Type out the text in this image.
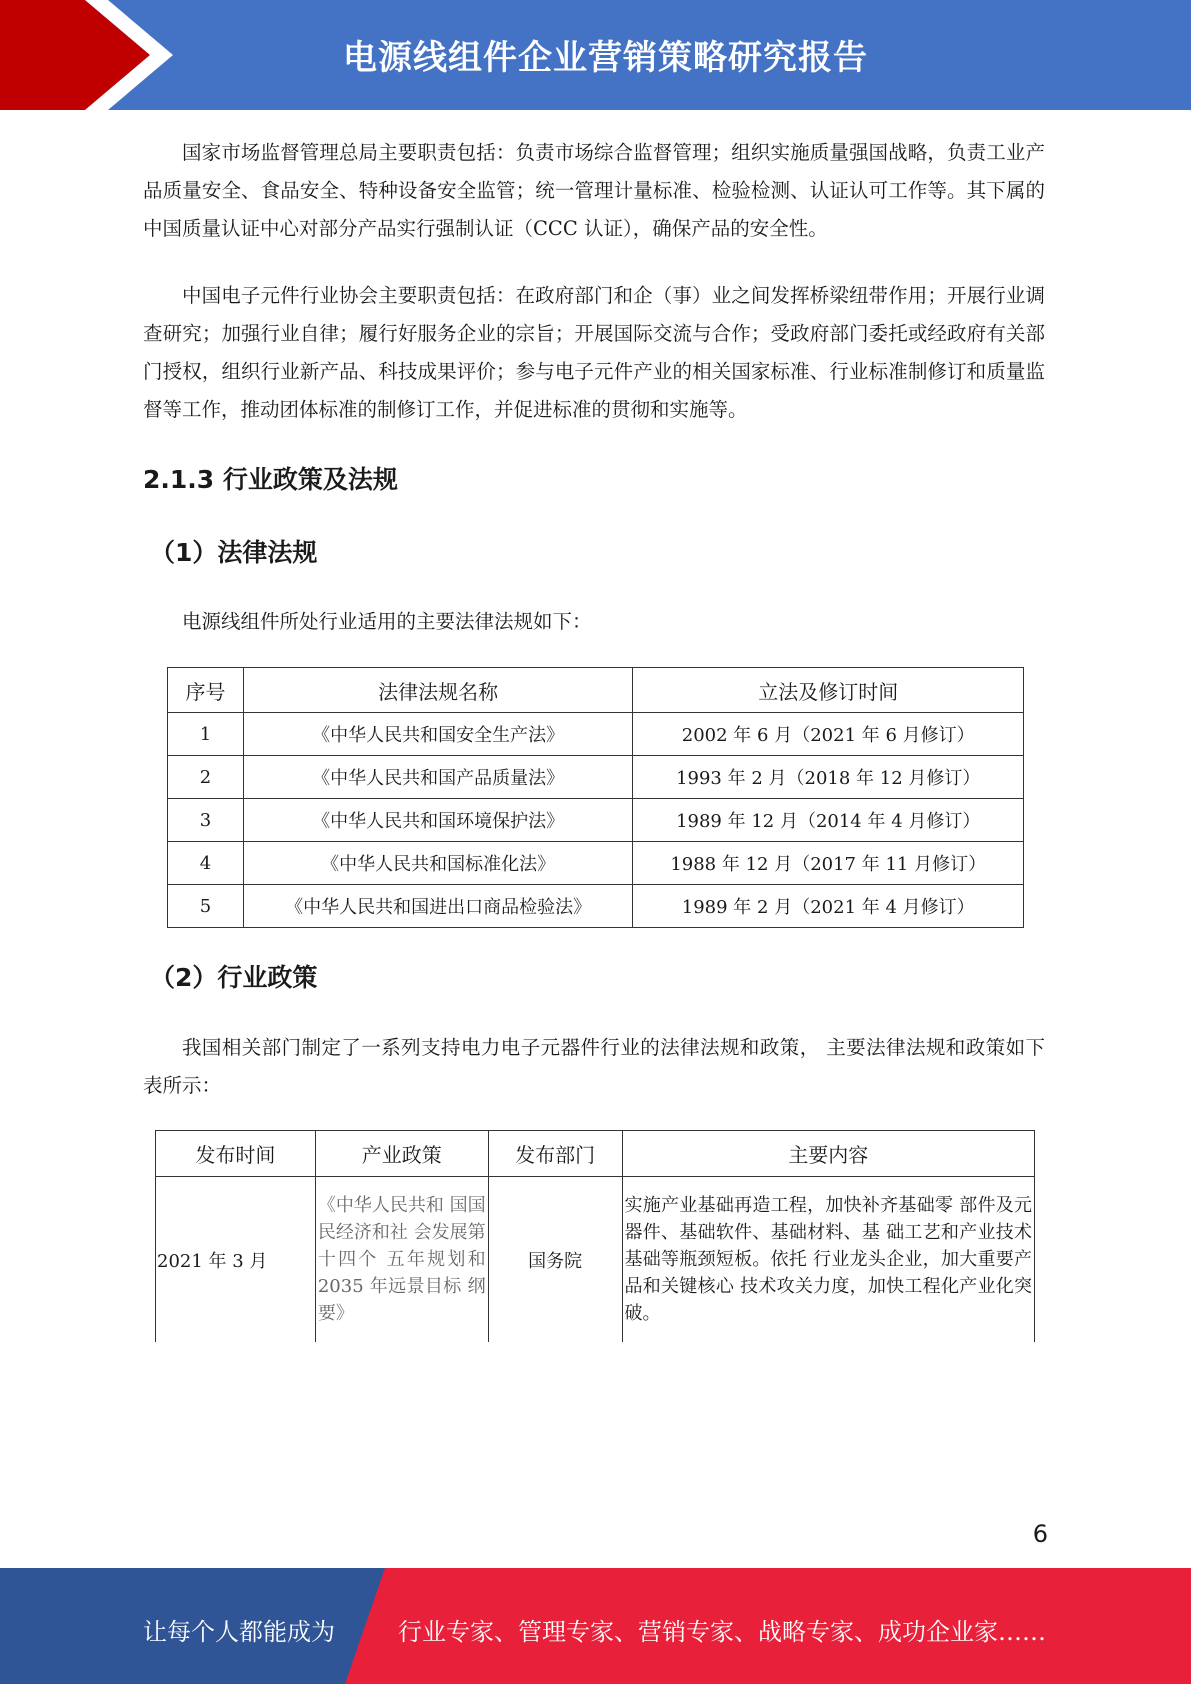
电源线组件企业营销策略研究报告

国家市场监督管理总局主要职责包括：负责市场综合监督管理；组织实施质量强国战略，负责工业产品质量安全、食品安全、特种设备安全监管；统一管理计量标准、检验检测、认证认可工作等。其下属的中国质量认证中心对部分产品实行强制认证（CCC 认证），确保产品的安全性。

中国电子元件行业协会主要职责包括：在政府部门和企（事）业之间发挥桥梁纽带作用；开展行业调查研究；加强行业自律；履行好服务企业的宗旨；开展国际交流与合作；受政府部门委托或经政府有关部门授权，组织行业新产品、科技成果评价；参与电子元件产业的相关国家标准、行业标准制修订和质量监督等工作，推动团体标准的制修订工作，并促进标准的贯彻和实施等。

2.1.3 行业政策及法规
（1）法律法规

电源线组件所处行业适用的主要法律法规如下：

序号	法律法规名称	立法及修订时间
1	《中华人民共和国安全生产法》	2002 年 6 月（2021 年 6 月修订）
2	《中华人民共和国产品质量法》	1993 年 2 月（2018 年 12 月修订）
3	《中华人民共和国环境保护法》	1989 年 12 月（2014 年 4 月修订）
4	《中华人民共和国标准化法》	1988 年 12 月（2017 年 11 月修订）
5	《中华人民共和国进出口商品检验法》	1989 年 2 月（2021 年 4 月修订）
（2）行业政策

我国相关部门制定了一系列支持电力电子元器件行业的法律法规和政策， 主要法律法规和政策如下表所示：

发布时间	产业政策	发布部门	主要内容
2021 年 3 月	《中华人民共和 国国民经济和社 会发展第十四个 五年规划和 2035 年远景目标 纲要》	国务院	实施产业基础再造工程，加快补齐基础零 部件及元器件、基础软件、基础材料、基 础工艺和产业技术基础等瓶颈短板。依托 行业龙头企业，加大重要产品和关键核心 技术攻关力度，加快工程化产业化突破。
6
让每个人都能成为	行业专家、管理专家、营销专家、战略专家、成功企业家……
